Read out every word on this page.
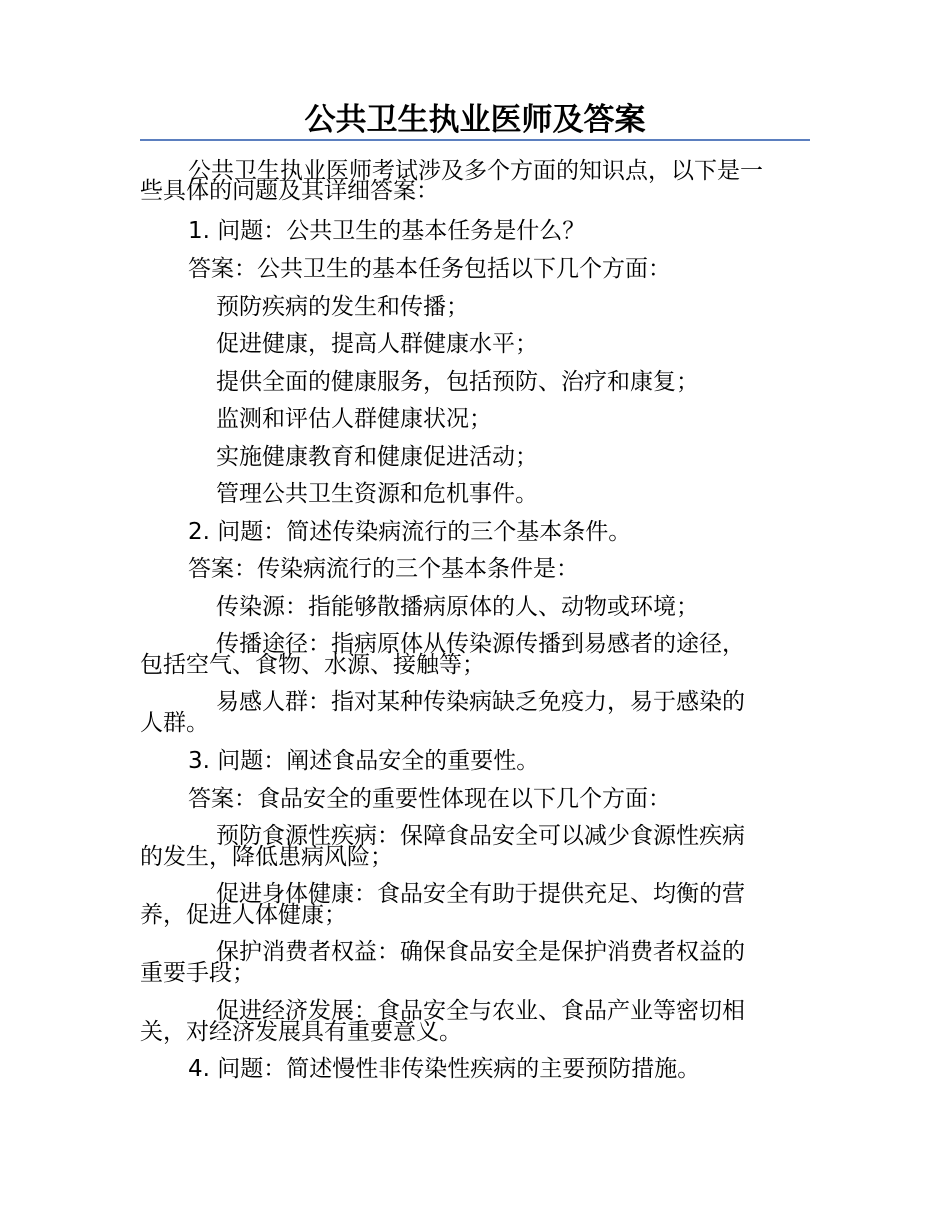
公共卫生执业医师及答案
公共卫生执业医师考试涉及多个方面的知识点，以下是一
些具体的问题及其详细答案：
1. 问题：公共卫生的基本任务是什么？
答案：公共卫生的基本任务包括以下几个方面：
预防疾病的发生和传播；
促进健康，提高人群健康水平；
提供全面的健康服务，包括预防、治疗和康复；
监测和评估人群健康状况；
实施健康教育和健康促进活动；
管理公共卫生资源和危机事件。
2. 问题：简述传染病流行的三个基本条件。
答案：传染病流行的三个基本条件是：
传染源：指能够散播病原体的人、动物或环境；
传播途径：指病原体从传染源传播到易感者的途径，
包括空气、食物、水源、接触等；
易感人群：指对某种传染病缺乏免疫力，易于感染的
人群。
3. 问题：阐述食品安全的重要性。
答案：食品安全的重要性体现在以下几个方面：
预防食源性疾病：保障食品安全可以减少食源性疾病
的发生，降低患病风险；
促进身体健康：食品安全有助于提供充足、均衡的营
养，促进人体健康；
保护消费者权益：确保食品安全是保护消费者权益的
重要手段；
促进经济发展：食品安全与农业、食品产业等密切相
关，对经济发展具有重要意义。
4. 问题：简述慢性非传染性疾病的主要预防措施。
